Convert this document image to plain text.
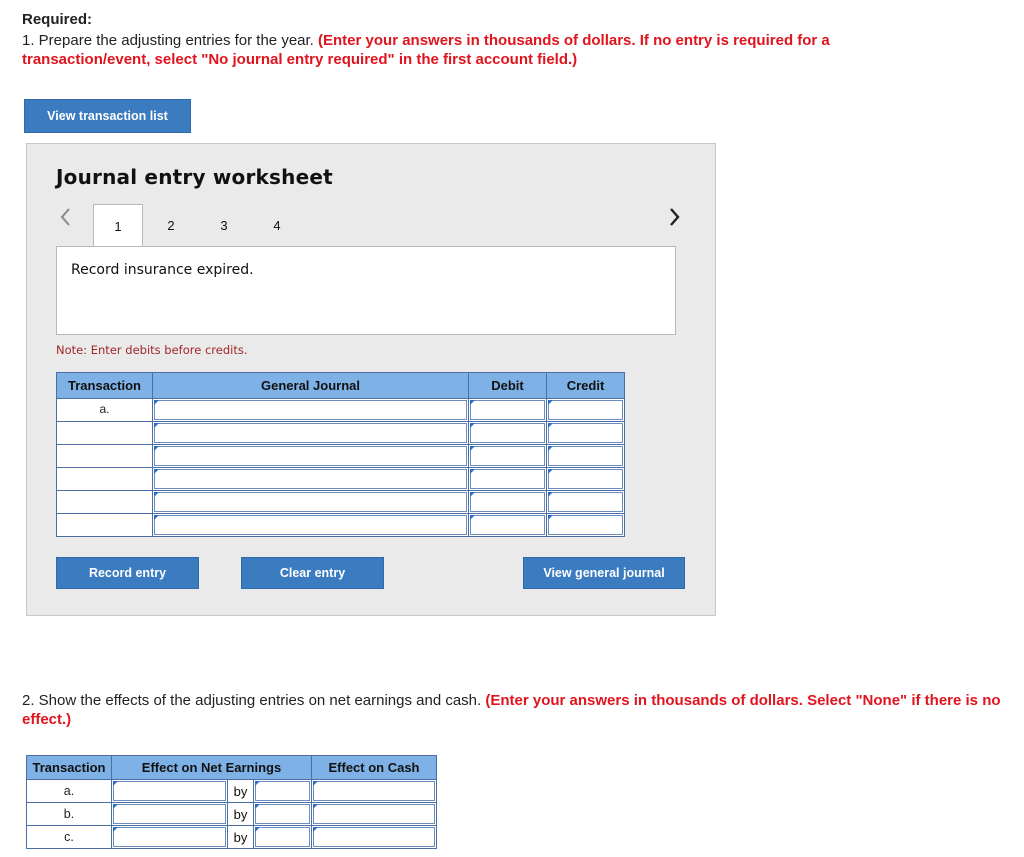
Required:
1. Prepare the adjusting entries for the year. (Enter your answers in thousands of dollars. If no entry is required for a transaction/event, select "No journal entry required" in the first account field.)
View transaction list
Journal entry worksheet
1	2	3	4
Record insurance expired.
Note: Enter debits before credits.
Transaction	General Journal	Debit	Credit
a.	

Record entry	Clear entry	View general journal
2. Show the effects of the adjusting entries on net earnings and cash. (Enter your answers in thousands of dollars. Select "None" if there is no effect.)
Transaction	Effect on Net Earnings			Effect on Cash
a.		by	

b.		by	

c.		by	
